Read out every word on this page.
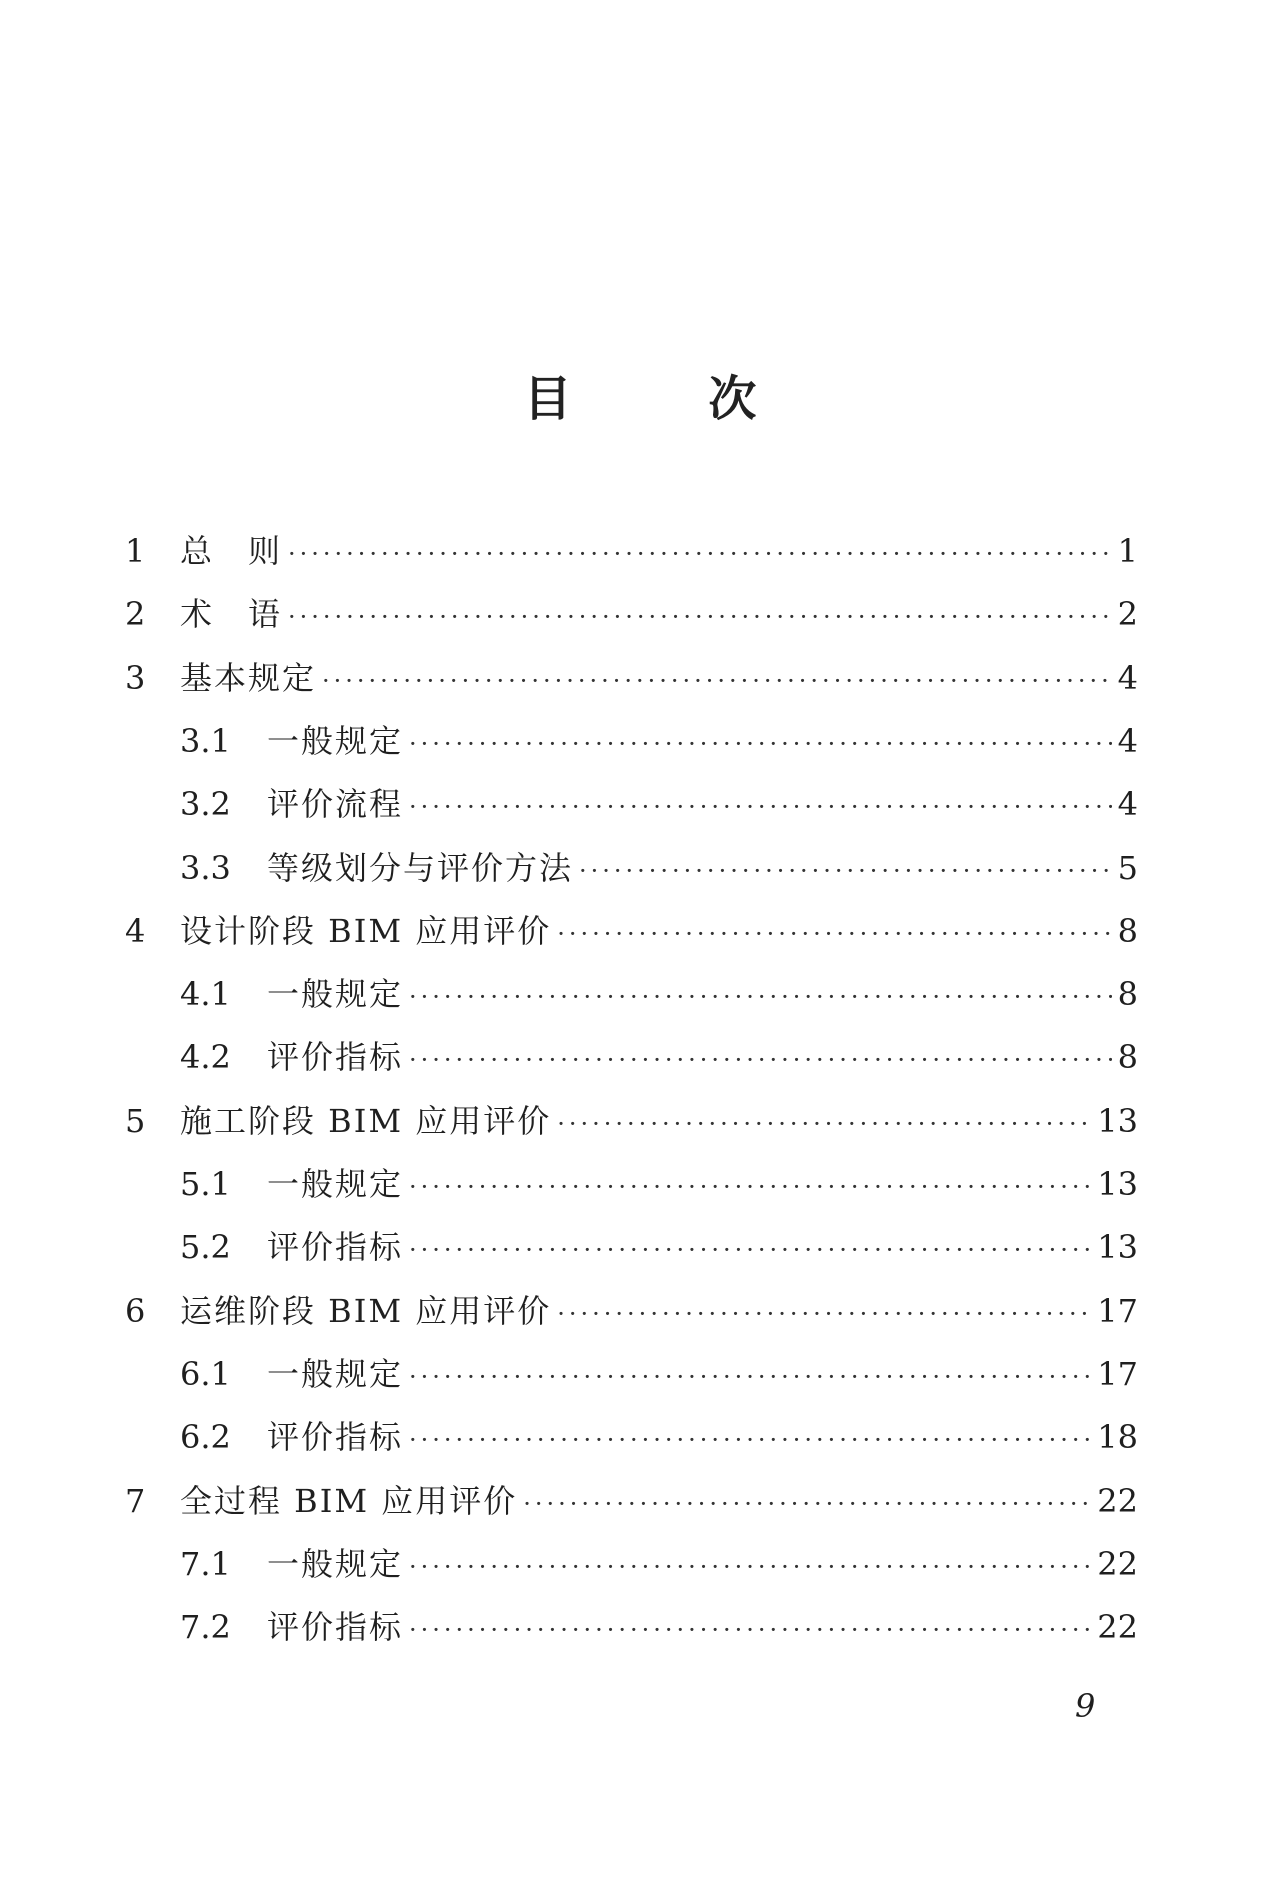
目 次
1	总　则 ·····	1
2	术　语 ·····	2
3	基本规定 ·····	4
3.1	一般规定 ·····	4
3.2	评价流程 ·····	4
3.3	等级划分与评价方法 ·····	5
4	设计阶段 BIM 应用评价 ·····	8
4.1	一般规定 ·····	8
4.2	评价指标 ·····	8
5	施工阶段 BIM 应用评价 ·····	13
5.1	一般规定 ·····	13
5.2	评价指标 ·····	13
6	运维阶段 BIM 应用评价 ·····	17
6.1	一般规定 ·····	17
6.2	评价指标 ·····	18
7	全过程 BIM 应用评价 ·····	22
7.1	一般规定 ·····	22
7.2	评价指标 ·····	22
9
